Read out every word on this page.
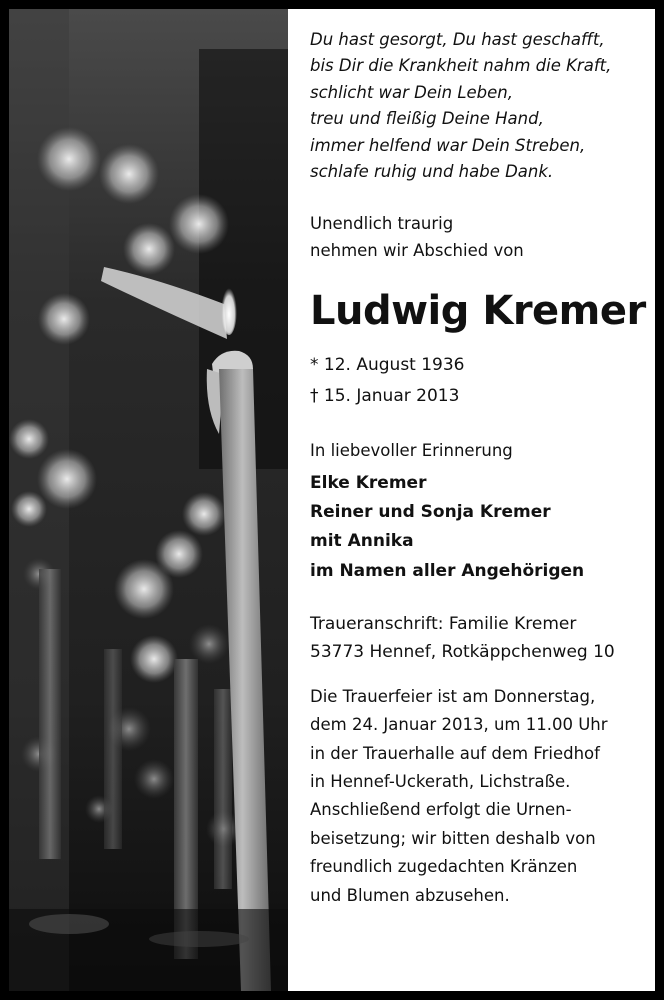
Du hast gesorgt, Du hast geschafft,

bis Dir die Krankheit nahm die Kraft,

schlicht war Dein Leben,

treu und fleißig Deine Hand,

immer helfend war Dein Streben,

schlafe ruhig und habe Dank.

Unendlich traurig

nehmen wir Abschied von

Ludwig Kremer

* 12. August 1936

† 15. Januar 2013

In liebevoller Erinnerung

Elke Kremer

Reiner und Sonja Kremer

mit Annika

im Namen aller Angehörigen

Traueranschrift: Familie Kremer

53773 Hennef, Rotkäppchenweg 10

Die Trauerfeier ist am Donnerstag,

dem 24. Januar 2013, um 11.00 Uhr

in der Trauerhalle auf dem Friedhof

in Hennef-Uckerath, Lichstraße.

Anschließend erfolgt die Urnen-

beisetzung; wir bitten deshalb von

freundlich zugedachten Kränzen

und Blumen abzusehen.
